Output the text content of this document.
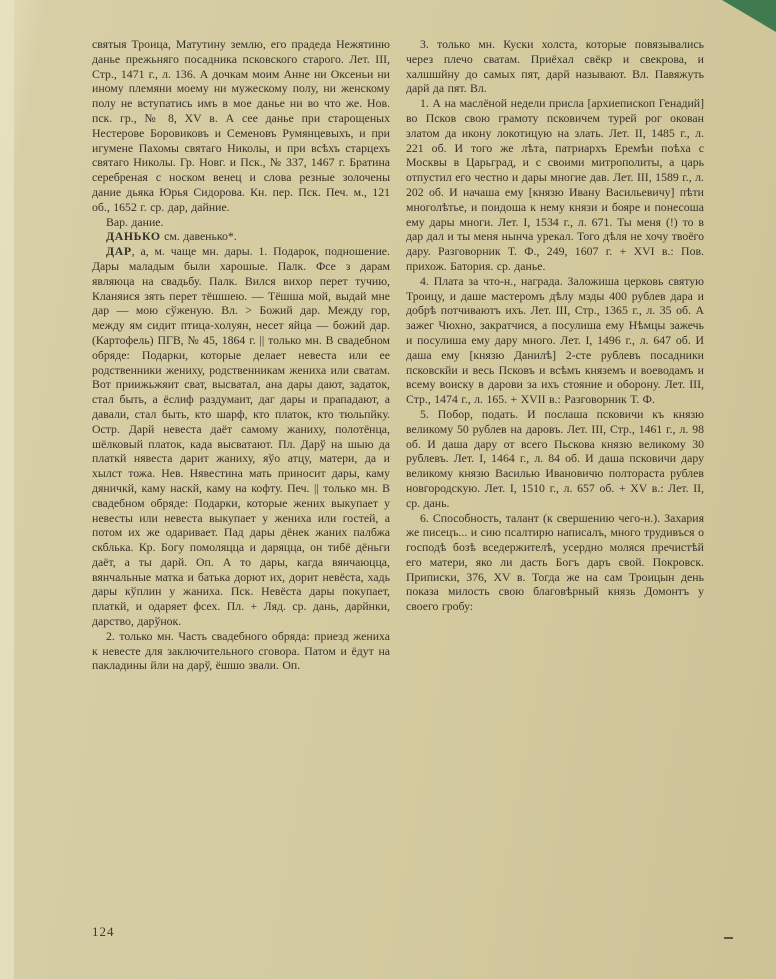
святыя Троица, Матутину землю, его прадеда Нежятиню данье прежьняго посадника псковского старого. Лет. III, Стр., 1471 г., л. 136. А дочкам моим Анне ни Оксеньи ни иному племяни моему ни мужескому полу, ни женскому полу не вступатись имъ в мое данье ни во что же. Нов. пск. гр., № 8, XV в. А сее данье при старощеных Нестерове Боровиковъ и Семеновъ Румянцевыхъ, и при игумене Пахомы святаго Николы, и при всѣхъ старцехъ святаго Николы. Гр. Новг. и Пск., № 337, 1467 г. Братина серебреная с носком венец и слова резные золочены дание дьяка Юрья Сидорова. Кн. пер. Пск. Печ. м., 121 об., 1652 г. ср. дар, дайние.

Вар. дание.

ДАНЬКО см. давенько*.

ДАР, а, м. чаще мн. дары. 1. Подарок, подношение. Дары маладым были харошые. Палк. Фсе з дарам являюца на свадьбу. Палк. Вился вихор перет тучию, Кланяися зять перет тёшшею. — Тёшша мой, выдай мне дар — мою сўженую. Вл. > Божий дар. Между гор, между ям сидит птица-холуян, несет яйца — божий дар. (Картофель) ПГВ, № 45, 1864 г. || только мн. В свадебном обряде: Подарки, которые делает невеста или ее родственники жениху, родственникам жениха или сватам. Вот приижьжяит сват, высватал, ана дары дают, задаток, стал быть, а ёслиф раздумаит, даг дары и прападают, а давали, стал быть, кто шарф, кто платок, кто тюльпйку. Остр. Дарй невеста даёт самому жаниху, полотёнца, шёлковый платок, када высватают. Пл. Дарў на шыю да платкй нявеста дарит жаниху, яўо атцу, матери, да и хылст тожа. Нев. Нявестина мать приносит дары, каму дяничкй, каму наскй, каму на кофту. Печ. || только мн. В свадебном обряде: Подарки, которые жених выкупает у невесты или невеста выкупает у жениха или гостей, а потом их же одаривает. Пад дары дёнек жаних палбжа скблька. Кр. Богу помоляцца и даряцца, он тибё дёньги даёт, а ты дарй. Оп. А то дары, кагда вянчаюцца, вянчальные матка и батька дорют их, дорит невёста, хадь дары кўплин у жаниха. Пск. Невёста дары покупает, платкй, и одаряет фсех. Пл. + Ляд. ср. дань, дарйнки, дарство, дарўнок.

2. только мн. Часть свадебного обряда: приезд жениха к невесте для заключительного сговора. Патом и ёдут на пакладины йли на дарў, ёшшо звали. Оп.

3. только мн. Куски холста, которые повязывались через плечо сватам. Приёхал свёкр и свекрова, и халшшйну до самых пят, дарй называют. Вл. Павяжуть дарй да пят. Вл.

1. А на маслёной недели присла [архиепископ Генадий] во Псков свою грамоту псковичем турей рог окован златом да икону локотицую на злать. Лет. II, 1485 г., л. 221 об. И того же лѣта, патриархъ Еремѣи поѣха с Москвы в Царьград, и с своими митрополиты, а царь отпустил его честно и дары многие дав. Лет. III, 1589 г., л. 202 об. И начаша ему [князю Ивану Васильевичу] пѣти многолѣтье, и поидоша к нему князи и бояре и понесоша ему дары многи. Лет. I, 1534 г., л. 671. Ты меня (!) то в дар дал и ты меня нынча урекал. Того дѣля не хочу твоёго дару. Разговорник Т. Ф., 249, 1607 г. + XVI в.: Пов. прихож. Батория. ср. данье.

4. Плата за что-н., награда. Заложиша церковь святую Троицу, и даше мастеромъ дѣлу мзды 400 рублев дара и добрѣ потчиваютъ ихъ. Лет. III, Стр., 1365 г., л. 35 об. А зажег Чюхно, закратчися, а посулиша ему Нѣмцы зажечь и посулиша ему дару много. Лет. I, 1496 г., л. 647 об. И даша ему [князю Данилѣ] 2-сте рублевъ посадники псковскйи и весь Псковъ и всѣмъ княземъ и воеводамъ и всему воиску в дарови за ихъ стояние и оборону. Лет. III, Стр., 1474 г., л. 165. + XVII в.: Разговорник Т. Ф.

5. Побор, подать. И послаша псковичи къ князю великому 50 рублев на даровъ. Лет. III, Стр., 1461 г., л. 98 об. И даша дару от всего Пьскова князю великому 30 рублевъ. Лет. I, 1464 г., л. 84 об. И даша псковичи дару великому князю Василью Ивановичю полтораста рублев новгородскую. Лет. I, 1510 г., л. 657 об. + XV в.: Лет. II, ср. дань.

6. Способность, талант (к свершению чего-н.). Захария же писецъ... и сию псалтирю написалъ, много трудивъся о господѣ бозѣ вседержителѣ, усердно моляся пречистѣй его матери, яко ли дасть Богъ даръ свой. Покровск. Приписки, 376, XV в. Тогда же на сам Троицын день показа милость свою благовѣрный князь Домонтъ у своего гробу:

124
